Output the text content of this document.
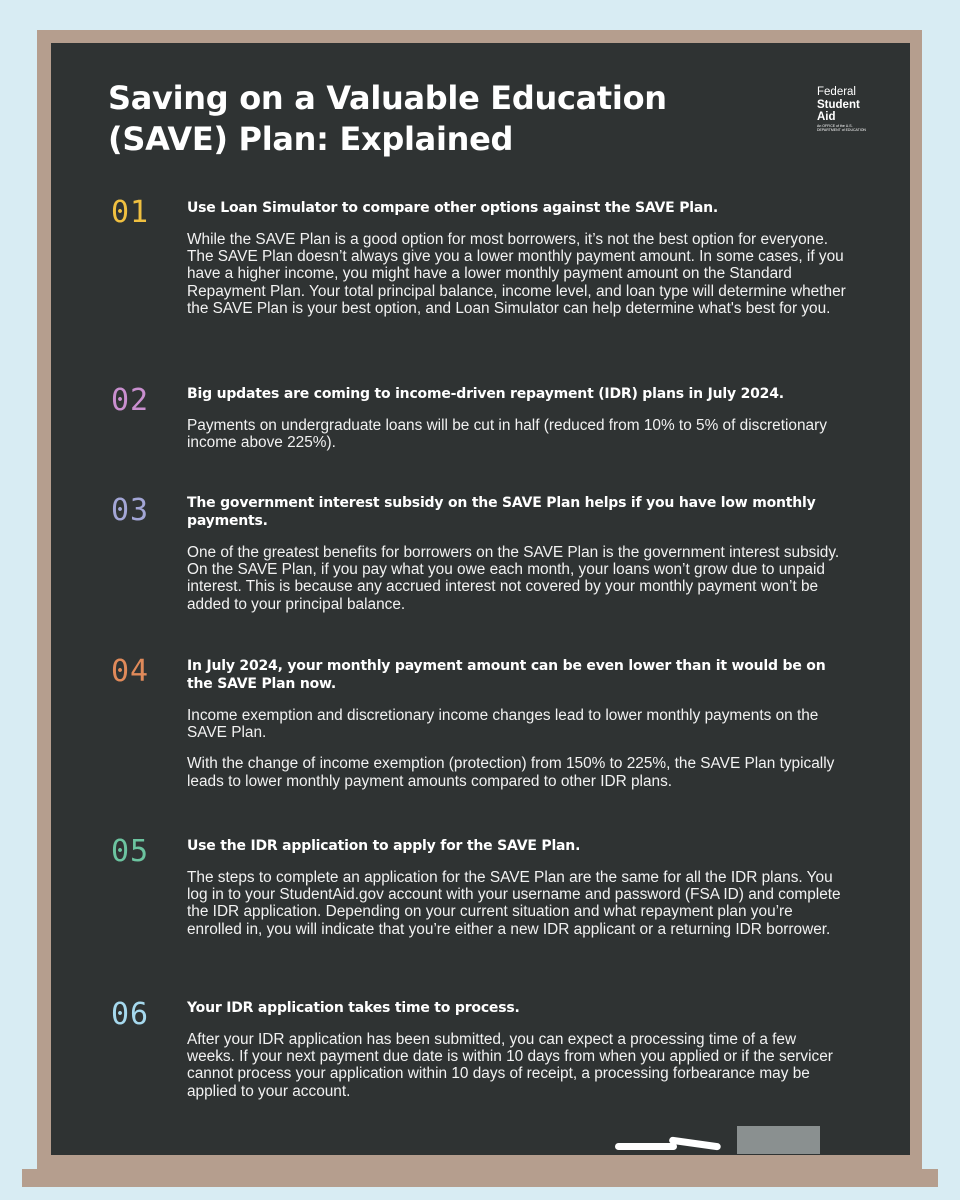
Saving on a Valuable Education (SAVE) Plan: Explained
Federal
Student
Aid
An OFFICE of the U.S. DEPARTMENT of EDUCATION
01	Use Loan Simulator to compare other options against the SAVE Plan.

While the SAVE Plan is a good option for most borrowers, it’s not the best option for everyone. The SAVE Plan doesn’t always give you a lower monthly payment amount. In some cases, if you have a higher income, you might have a lower monthly payment amount on the Standard Repayment Plan. Your total principal balance, income level, and loan type will determine whether the SAVE Plan is your best option, and Loan Simulator can help determine what's best for you.

02	Big updates are coming to income-driven repayment (IDR) plans in July 2024.

Payments on undergraduate loans will be cut in half (reduced from 10% to 5% of discretionary income above 225%).

03	The government interest subsidy on the SAVE Plan helps if you have low monthly payments.

One of the greatest benefits for borrowers on the SAVE Plan is the government interest subsidy. On the SAVE Plan, if you pay what you owe each month, your loans won’t grow due to unpaid interest. This is because any accrued interest not covered by your monthly payment won’t be added to your principal balance.

04	In July 2024, your monthly payment amount can be even lower than it would be on the SAVE Plan now.

Income exemption and discretionary income changes lead to lower monthly payments on the SAVE Plan.

With the change of income exemption (protection) from 150% to 225%, the SAVE Plan typically leads to lower monthly payment amounts compared to other IDR plans.

05	Use the IDR application to apply for the SAVE Plan.

The steps to complete an application for the SAVE Plan are the same for all the IDR plans. You log in to your StudentAid.gov account with your username and password (FSA ID) and complete the IDR application. Depending on your current situation and what repayment plan you’re enrolled in, you will indicate that you’re either a new IDR applicant or a returning IDR borrower.

06	Your IDR application takes time to process.

After your IDR application has been submitted, you can expect a processing time of a few weeks. If your next payment due date is within 10 days from when you applied or if the servicer cannot process your application within 10 days of receipt, a processing forbearance may be applied to your account.
